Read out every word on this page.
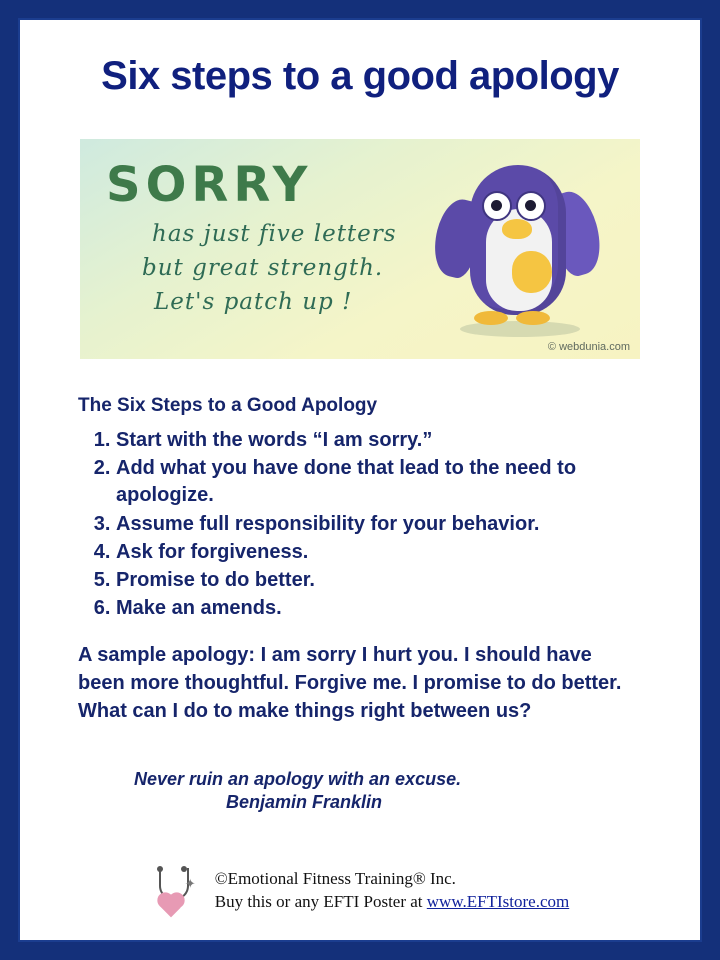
Six steps to a good apology
SORRY
has just five letters
but great strength.
Let's patch up !
© webdunia.com
The Six Steps to a Good Apology
1. Start with the words “I am sorry.”
2. Add what you have done that lead to the need to apologize.
3. Assume full responsibility for your behavior.
4. Ask for forgiveness.
5. Promise to do better.
6. Make an amends.

A sample apology: I am sorry I hurt you. I should have been more thoughtful. Forgive me. I promise to do better. What can I do to make things right between us?

Never ruin an apology with an excuse.

Benjamin Franklin

✦ ©Emotional Fitness Training® Inc.
Buy this or any EFTI Poster at www.EFTIstore.com
